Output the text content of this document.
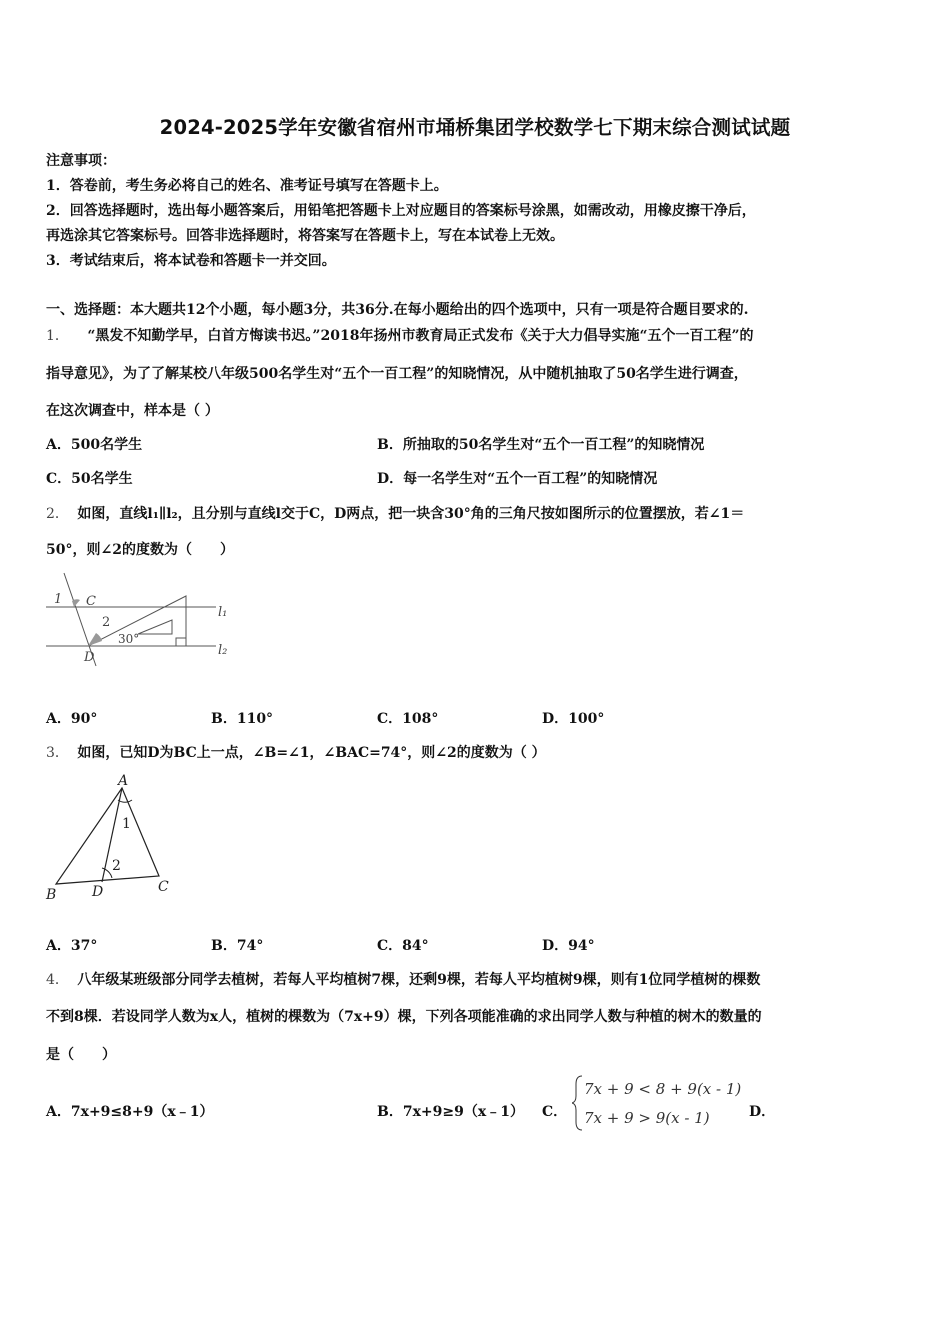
2024-2025学年安徽省宿州市埇桥集团学校数学七下期末综合测试试题
注意事项：
1．答卷前，考生务必将自己的姓名、准考证号填写在答题卡上。
2．回答选择题时，选出每小题答案后，用铅笔把答题卡上对应题目的答案标号涂黑，如需改动，用橡皮擦干净后，
再选涂其它答案标号。回答非选择题时，将答案写在答题卡上，写在本试卷上无效。
3．考试结束后，将本试卷和答题卡一并交回。
一、选择题：本大题共12个小题，每小题3分，共36分.在每小题给出的四个选项中，只有一项是符合题目要求的.
1． “黑发不知勤学早，白首方悔读书迟。”2018年扬州市教育局正式发布《关于大力倡导实施“五个一百工程”的
指导意见》，为了了解某校八年级500名学生对“五个一百工程”的知晓情况，从中随机抽取了50名学生进行调查，
在这次调查中，样本是（ ）
A．500名学生	B．所抽取的50名学生对“五个一百工程”的知晓情况
C．50名学生	D．每一名学生对“五个一百工程”的知晓情况
2． 如图，直线l₁∥l₂，且分别与直线l交于C，D两点，把一块含30°角的三角尺按如图所示的位置摆放，若∠1＝
50°，则∠2的度数为（　　）
1 C
2
30°
D
l₁
l₂
A．90°	B．110°	C．108°	D．100°
3． 如图，已知D为BC上一点，∠B=∠1，∠BAC=74°，则∠2的度数为（ ）
A
1
2
B	D	C
A．37°	B．74°	C．84°	D．94°
4． 八年级某班级部分同学去植树，若每人平均植树7棵，还剩9棵，若每人平均植树9棵，则有1位同学植树的棵数
不到8棵．若设同学人数为x人，植树的棵数为（7x+9）棵，下列各项能准确的求出同学人数与种植的树木的数量的
是（　　）
A．7x+9≤8+9（x﹣1）	B．7x+9≥9（x﹣1） C．
7x + 9 < 8 + 9(x - 1)
7x + 9 > 9(x - 1)	D．
